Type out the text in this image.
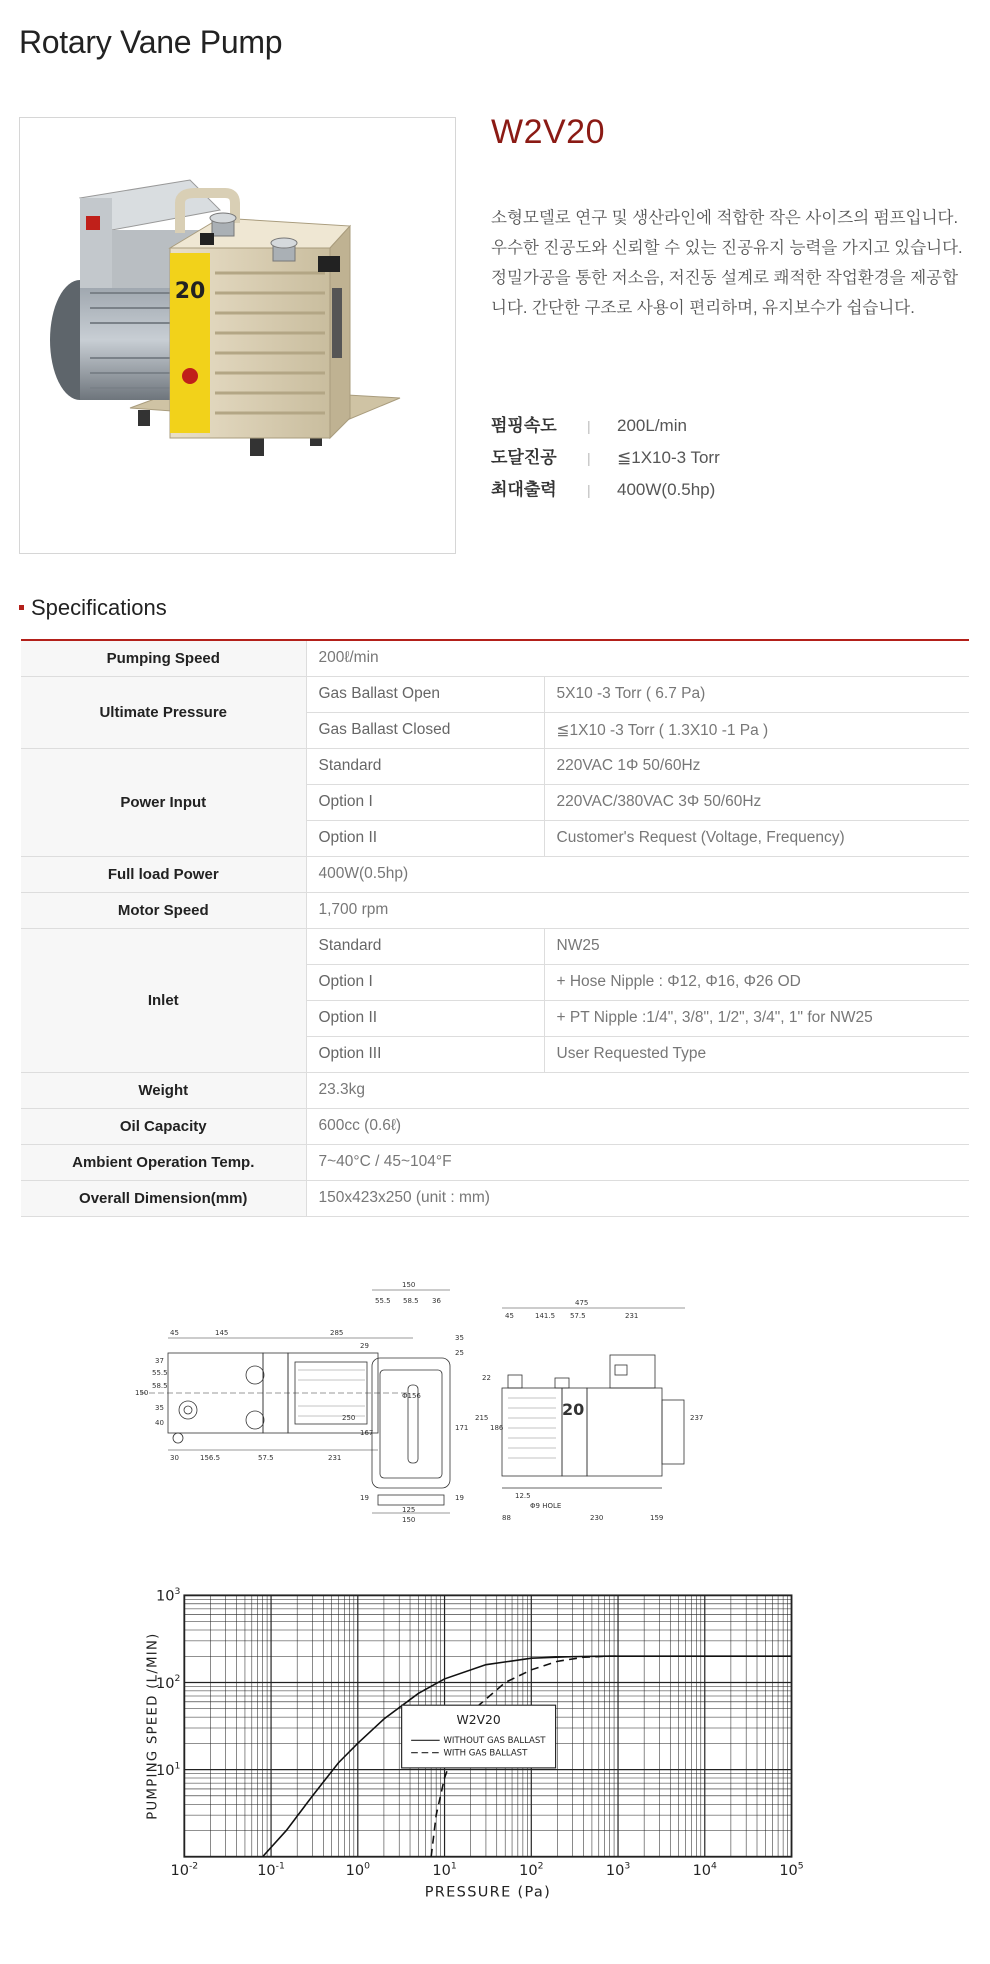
Rotary Vane Pump
20
W2V20
소형모델로 연구 및 생산라인에 적합한 작은 사이즈의 펌프입니다. 우수한 진공도와 신뢰할 수 있는 진공유지 능력을 가지고 있습니다. 정밀가공을 통한 저소음, 저진동 설계로 쾌적한 작업환경을 제공합니다. 간단한 구조로 사용이 편리하며, 유지보수가 쉽습니다.
펌핑속도	|	200L/min
도달진공	|	≦1X10-3 Torr
최대출력	|	400W(0.5hp)
Specifications
Pumping Speed	200ℓ/min	
Ultimate Pressure	Gas Ballast Open	5X10 -3 Torr ( 6.7 Pa)
	Gas Ballast Closed	≦1X10 -3 Torr ( 1.3X10 -1 Pa )
Power Input	Standard	220VAC 1Φ 50/60Hz
	Option I	220VAC/380VAC 3Φ 50/60Hz
	Option II	Customer's Request (Voltage, Frequency)
Full load Power	400W(0.5hp)	
Motor Speed	1,700 rpm	
Inlet	Standard	NW25
	Option I	+ Hose Nipple : Φ12, Φ16, Φ26 OD
	Option II	+ PT Nipple :1/4", 3/8", 1/2", 3/4", 1" for NW25
	Option III	User Requested Type
Weight	23.3kg	
Oil Capacity	600cc (0.6ℓ)	
Ambient Operation Temp.	7~40°C / 45~104°F	
Overall Dimension(mm)	150x423x250 (unit : mm)	
45	145	285
150
55.5
58.5
37
40
35
30	156.5	57.5	231
Φ156
150
55.5 58.5 36
29
35
25
250
167
171
19	19
125
150
475
45	141.5 57.5	231
22
215
186
237
12.5
Φ9 HOLE
88	230	159
20
$10^{-2}$	$10^{-1}$	$10^0$	$10^1$	$10^2$	$10^3$	$10^4$	$10^5$
$10^1$
$10^2$
$10^3$
PRESSURE (Pa)
PUMPING SPEED (L/MIN)	W2V20
WITHOUT GAS BALLAST
WITH GAS BALLAST
